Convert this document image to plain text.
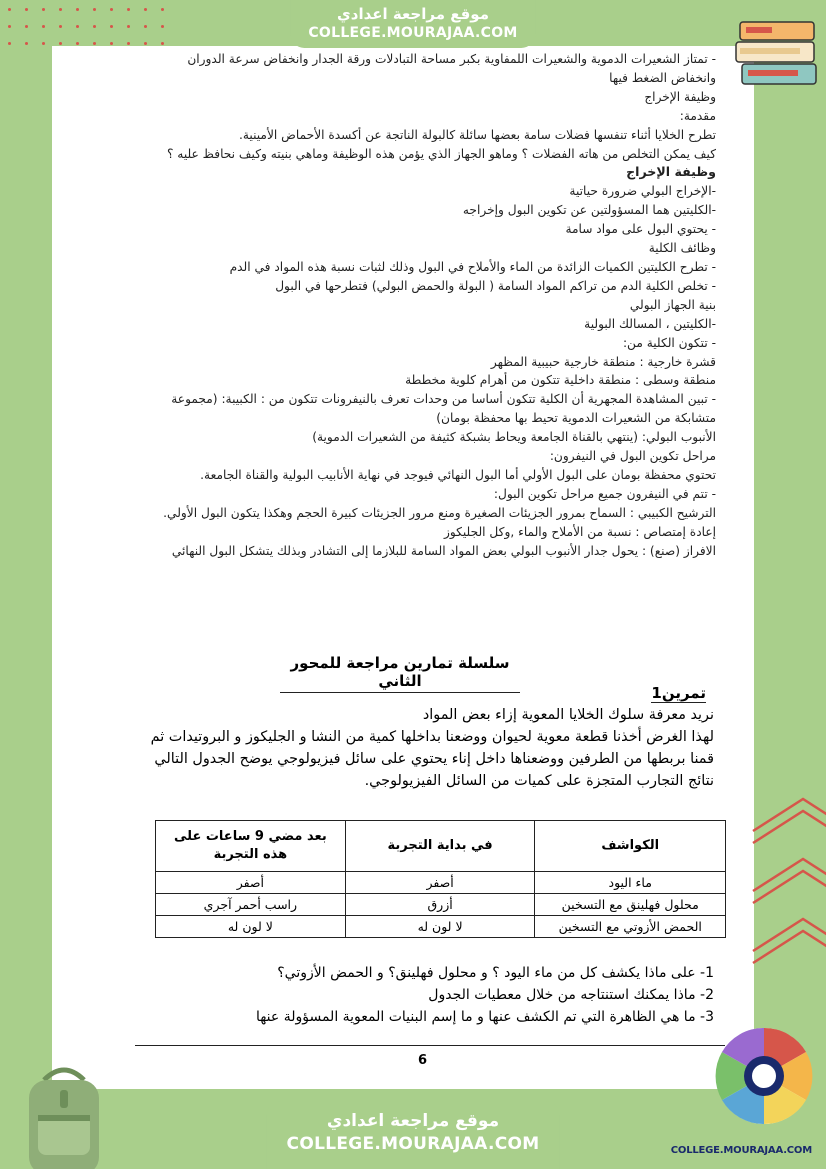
موقع مراجعة اعدادي
COLLEGE.MOURAJAA.COM

- تمتاز الشعيرات الدموية والشعيرات اللمفاوية بكبر مساحة التبادلات ورقة الجدار وانخفاض سرعة الدوران

وانخفاض الضغط فيها

وظيفة الإخراج

مقدمة:

تطرح الخلايا أثناء تنفسها فضلات سامة بعضها سائلة كالبولة الناتجة عن أكسدة الأحماض الأمينية.

كيف يمكن التخلص من هاته الفضلات ؟ وماهو الجهاز الذي يؤمن هذه الوظيفة وماهي بنيته وكيف نحافظ عليه ؟

وظيفة الإخراج

-الإخراج البولي ضرورة حياتية

-الكليتين هما المسؤولتين عن تكوين البول وإخراجه

- يحتوي البول على مواد سامة

وظائف الكلية

- تطرح الكليتين الكميات الزائدة من الماء والأملاح في البول وذلك لثبات نسبة هذه المواد في الدم

- تخلص الكلية الدم من تراكم المواد السامة ( البولة والحمض البولي) فتطرحها في البول

بنية الجهاز البولي

-الكليتين ، المسالك البولية

- تتكون الكلية من:

قشرة خارجية : منطقة خارجية حبيبية المظهر

منطقة وسطى : منطقة داخلية تتكون من أهرام كلوية مخططة

- تبين المشاهدة المجهرية أن الكلية تتكون أساسا من وحدات تعرف بالنيفرونات تتكون من : الكبيبة: (مجموعة

متشابكة من الشعيرات الدموية تحيط بها محفظة بومان)

الأنبوب البولي: (ينتهي بالقناة الجامعة ويحاط بشبكة كثيفة من الشعيرات الدموية)

مراحل تكوين البول في النيفرون:

تحتوي محفظة بومان على البول الأولي أما البول النهائي فيوجد في نهاية الأنابيب البولية والقناة الجامعة.

- تتم في النيفرون جميع مراحل تكوين البول:

الترشيح الكبيبي : السماح بمرور الجزيئات الصغيرة ومنع مرور الجزيئات كبيرة الحجم وهكذا يتكون البول الأولي.

إعادة إمتصاص : نسبة من الأملاح والماء ,وكل الجليكوز

الافراز (صنع) : يحول جدار الأنبوب البولي بعض المواد السامة للبلازما إلى التشادر وبذلك يتشكل البول النهائي

سلسلة تمارين مراجعة للمحور الثاني
تمرين1

نريد معرفة سلوك الخلايا المعوية إزاء بعض المواد

لهذا الغرض أخذنا قطعة معوية لحيوان ووضعنا بداخلها كمية من النشا و الجليكوز و البروتيدات ثم

قمنا بربطها من الطرفين ووضعناها داخل إناء يحتوي على سائل فيزيولوجي يوضح الجدول التالي

نتائج التجارب المتجزة على كميات من السائل الفيزيولوجي.

الكواشف	في بداية التجربة	بعد مضي 9 ساعات على هذه التجربة
ماء اليود	أصفر	أصفر
محلول فهلينق مع التسخين	أزرق	راسب أحمر آجري
الحمض الأزوتي مع التسخين	لا لون له	لا لون له

1- على ماذا يكشف كل من ماء اليود ؟ و محلول فهلينق؟ و الحمض الأزوتي؟

2- ماذا يمكنك استنتاجه من خلال معطيات الجدول

3- ما هي الظاهرة التي تم الكشف عنها و ما إسم البنيات المعوية المسؤولة عنها

6
COLLEGE.MOURAJAA.COM
موقع مراجعة اعدادي
COLLEGE.MOURAJAA.COM
